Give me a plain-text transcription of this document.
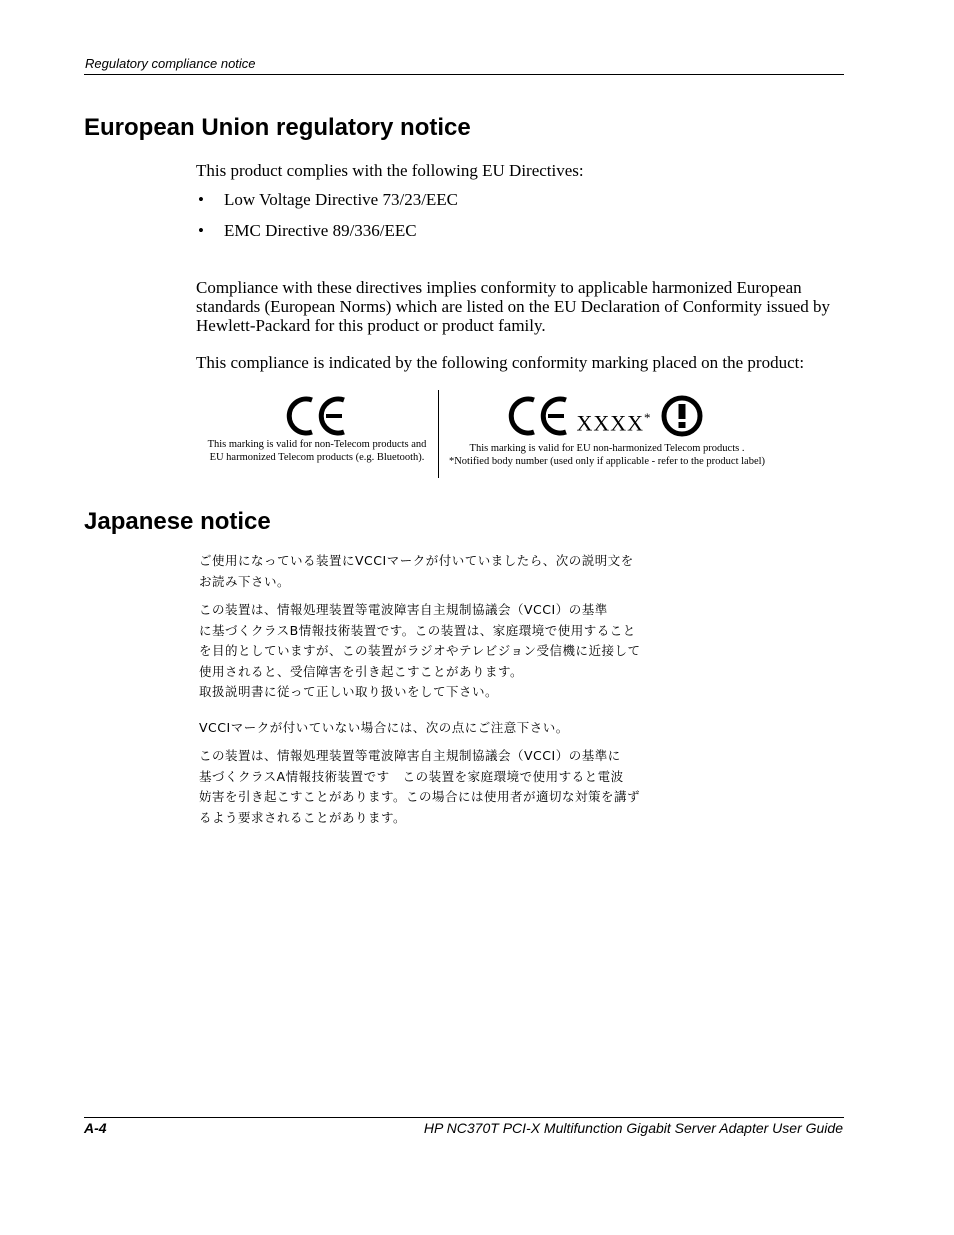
Regulatory compliance notice
European Union regulatory notice

This product complies with the following EU Directives:

• Low Voltage Directive 73/23/EEC
• EMC Directive 89/336/EEC

Compliance with these directives implies conformity to applicable harmonized European standards (European Norms) which are listed on the EU Declaration of Conformity issued by Hewlett-Packard for this product or product family.

This compliance is indicated by the following conformity marking placed on the product:

This marking is valid for non-Telecom products and EU harmonized Telecom products (e.g. Bluetooth).
XXXX*
This marking is valid for EU non-harmonized Telecom products .
*Notified body number (used only if applicable - refer to the product label)
Japanese notice
ご使用になっている装置にVCCIマークが付いていましたら、次の説明文を
お読み下さい。
この装置は、情報処理装置等電波障害自主規制協議会（VCCI）の基準
に基づくクラスB情報技術装置です。この装置は、家庭環境で使用すること
を目的としていますが、この装置がラジオやテレビジョン受信機に近接して
使用されると、受信障害を引き起こすことがあります。
取扱説明書に従って正しい取り扱いをして下さい。
VCCIマークが付いていない場合には、次の点にご注意下さい。
この装置は、情報処理装置等電波障害自主規制協議会（VCCI）の基準に
基づくクラスA情報技術装置です　この装置を家庭環境で使用すると電波
妨害を引き起こすことがあります。この場合には使用者が適切な対策を講ず
るよう要求されることがあります。
A-4	HP NC370T PCI-X Multifunction Gigabit Server Adapter User Guide
